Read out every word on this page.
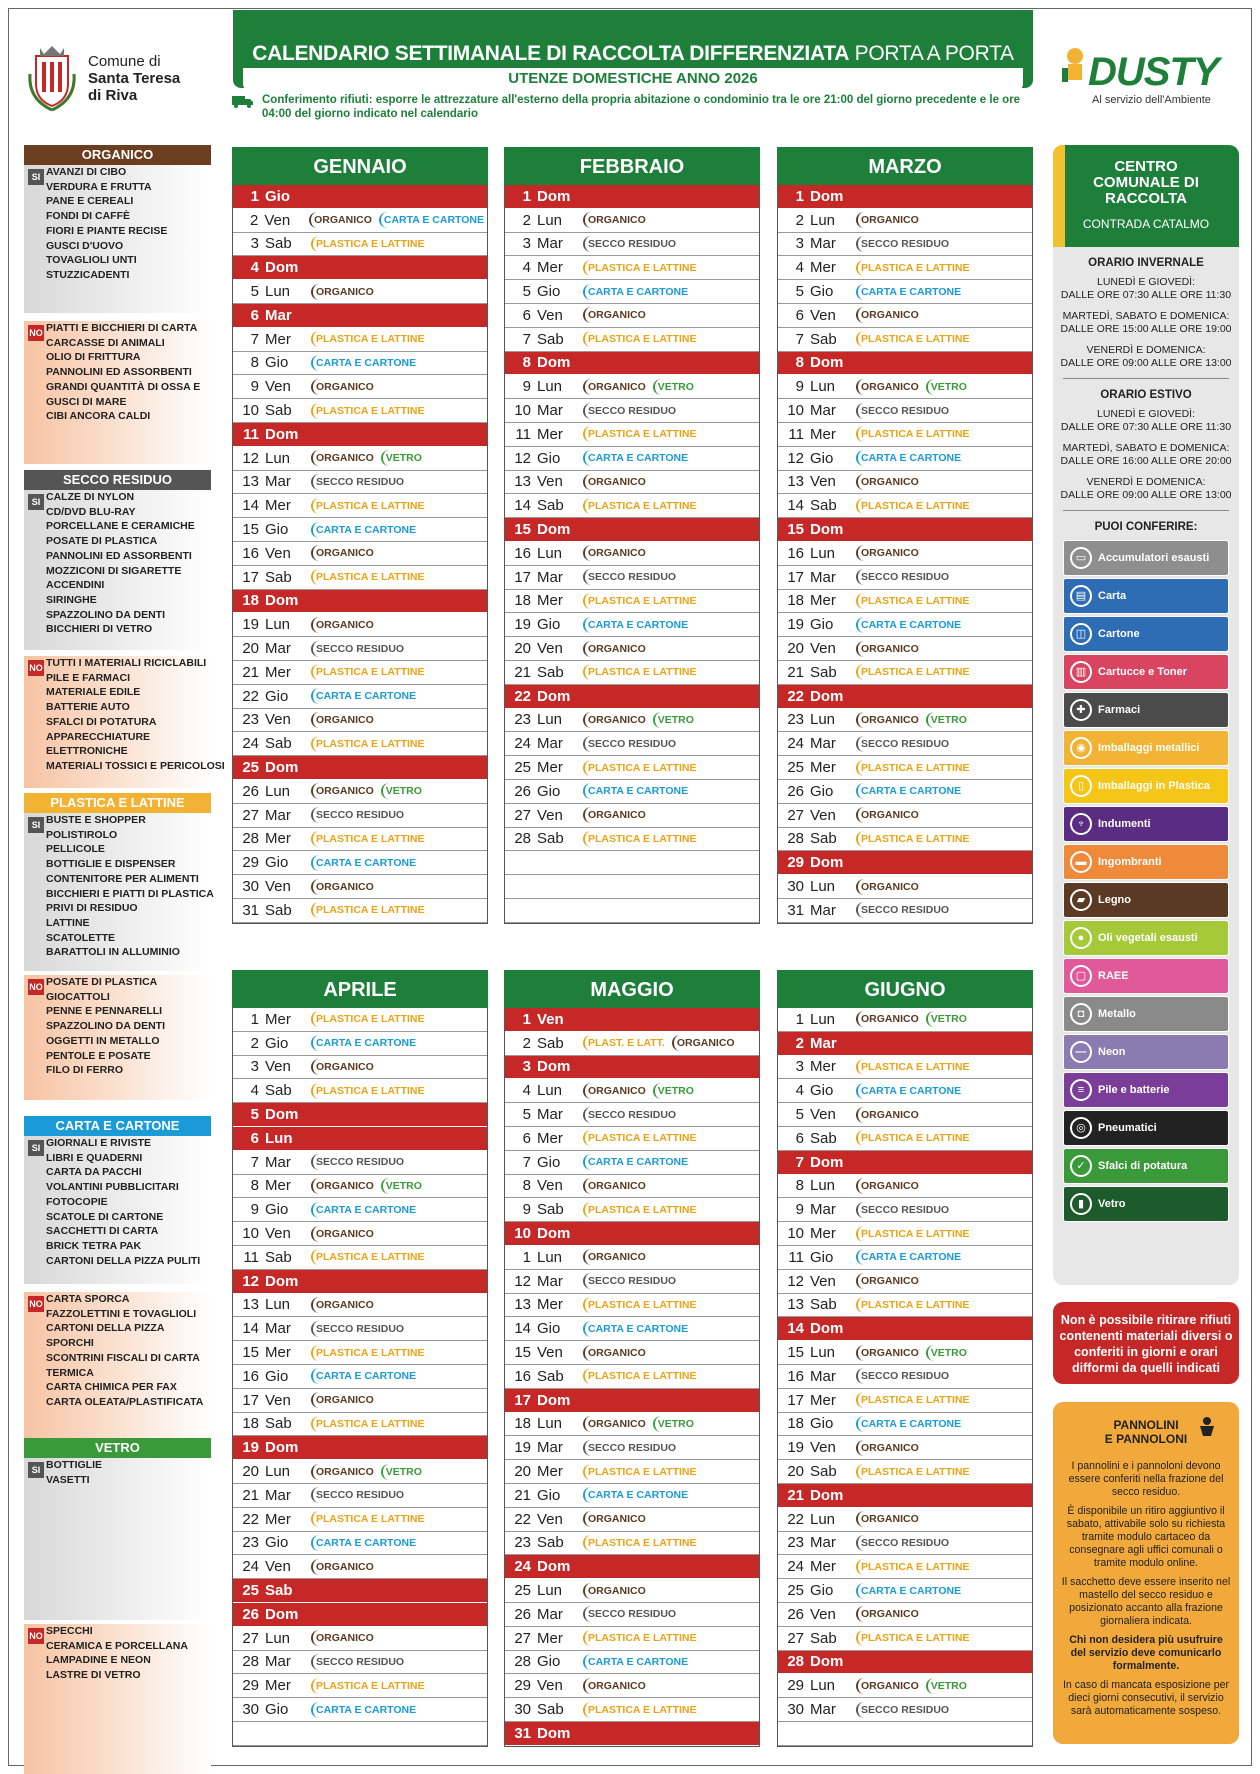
Comune di
Santa Teresa
di Riva
CALENDARIO SETTIMANALE DI RACCOLTA DIFFERENZIATA PORTA A PORTA
UTENZE DOMESTICHE ANNO 2026
Conferimento rifiuti: esporre le attrezzature all'esterno della propria abitazione o condominio tra le ore 21:00 del giorno precedente e le ore 04:00 del giorno indicato nel calendario
DUSTY
Al servizio dell'Ambiente
ORGANICO
SI AVANZI DI CIBO
VERDURA E FRUTTA
PANE E CEREALI
FONDI DI CAFFÈ
FIORI E PIANTE RECISE
GUSCI D'UOVO
TOVAGLIOLI UNTI
STUZZICADENTI
NO PIATTI E BICCHIERI DI CARTA
CARCASSE DI ANIMALI
OLIO DI FRITTURA
PANNOLINI ED ASSORBENTI
GRANDI QUANTITÀ DI OSSA E
GUSCI DI MARE
CIBI ANCORA CALDI
SECCO RESIDUO
SI CALZE DI NYLON
CD/DVD BLU-RAY
PORCELLANE E CERAMICHE
POSATE DI PLASTICA
PANNOLINI ED ASSORBENTI
MOZZICONI DI SIGARETTE
ACCENDINI
SIRINGHE
SPAZZOLINO DA DENTI
BICCHIERI DI VETRO
NO TUTTI I MATERIALI RICICLABILI
PILE E FARMACI
MATERIALE EDILE
BATTERIE AUTO
SFALCI DI POTATURA
APPARECCHIATURE
ELETTRONICHE
MATERIALI TOSSICI E PERICOLOSI
PLASTICA E LATTINE
SI BUSTE E SHOPPER
POLISTIROLO
PELLICOLE
BOTTIGLIE E DISPENSER
CONTENITORE PER ALIMENTI
BICCHIERI E PIATTI DI PLASTICA
PRIVI DI RESIDUO
LATTINE
SCATOLETTE
BARATTOLI IN ALLUMINIO
NO POSATE DI PLASTICA
GIOCATTOLI
PENNE E PENNARELLI
SPAZZOLINO DA DENTI
OGGETTI IN METALLO
PENTOLE E POSATE
FILO DI FERRO
CARTA E CARTONE
SI GIORNALI E RIVISTE
LIBRI E QUADERNI
CARTA DA PACCHI
VOLANTINI PUBBLICITARI
FOTOCOPIE
SCATOLE DI CARTONE
SACCHETTI DI CARTA
BRICK TETRA PAK
CARTONI DELLA PIZZA PULITI
NO CARTA SPORCA
FAZZOLETTINI E TOVAGLIOLI
CARTONI DELLA PIZZA
SPORCHI
SCONTRINI FISCALI DI CARTA
TERMICA
CARTA CHIMICA PER FAX
CARTA OLEATA/PLASTIFICATA
VETRO
SI BOTTIGLIE
VASETTI
NO SPECCHI
CERAMICA E PORCELLANA
LAMPADINE E NEON
LASTRE DI VETRO
GENNAIO
1 Gio
2 Ven	ORGANICO	CARTA E CARTONE
3 Sab	PLASTICA E LATTINE
4 Dom
5 Lun	ORGANICO
6 Mar
7 Mer	PLASTICA E LATTINE
8 Gio	CARTA E CARTONE
9 Ven	ORGANICO
10 Sab	PLASTICA E LATTINE
11 Dom
12 Lun	ORGANICO	VETRO
13 Mar	SECCO RESIDUO
14 Mer	PLASTICA E LATTINE
15 Gio	CARTA E CARTONE
16 Ven	ORGANICO
17 Sab	PLASTICA E LATTINE
18 Dom
19 Lun	ORGANICO
20 Mar	SECCO RESIDUO
21 Mer	PLASTICA E LATTINE
22 Gio	CARTA E CARTONE
23 Ven	ORGANICO
24 Sab	PLASTICA E LATTINE
25 Dom
26 Lun	ORGANICO	VETRO
27 Mar	SECCO RESIDUO
28 Mer	PLASTICA E LATTINE
29 Gio	CARTA E CARTONE
30 Ven	ORGANICO
31 Sab	PLASTICA E LATTINE
FEBBRAIO
1 Dom
2 Lun	ORGANICO
3 Mar	SECCO RESIDUO
4 Mer	PLASTICA E LATTINE
5 Gio	CARTA E CARTONE
6 Ven	ORGANICO
7 Sab	PLASTICA E LATTINE
8 Dom
9 Lun	ORGANICO	VETRO
10 Mar	SECCO RESIDUO
11 Mer	PLASTICA E LATTINE
12 Gio	CARTA E CARTONE
13 Ven	ORGANICO
14 Sab	PLASTICA E LATTINE
15 Dom
16 Lun	ORGANICO
17 Mar	SECCO RESIDUO
18 Mer	PLASTICA E LATTINE
19 Gio	CARTA E CARTONE
20 Ven	ORGANICO
21 Sab	PLASTICA E LATTINE
22 Dom
23 Lun	ORGANICO	VETRO
24 Mar	SECCO RESIDUO
25 Mer	PLASTICA E LATTINE
26 Gio	CARTA E CARTONE
27 Ven	ORGANICO
28 Sab	PLASTICA E LATTINE
MARZO
1 Dom
2 Lun	ORGANICO
3 Mar	SECCO RESIDUO
4 Mer	PLASTICA E LATTINE
5 Gio	CARTA E CARTONE
6 Ven	ORGANICO
7 Sab	PLASTICA E LATTINE
8 Dom
9 Lun	ORGANICO	VETRO
10 Mar	SECCO RESIDUO
11 Mer	PLASTICA E LATTINE
12 Gio	CARTA E CARTONE
13 Ven	ORGANICO
14 Sab	PLASTICA E LATTINE
15 Dom
16 Lun	ORGANICO
17 Mar	SECCO RESIDUO
18 Mer	PLASTICA E LATTINE
19 Gio	CARTA E CARTONE
20 Ven	ORGANICO
21 Sab	PLASTICA E LATTINE
22 Dom
23 Lun	ORGANICO	VETRO
24 Mar	SECCO RESIDUO
25 Mer	PLASTICA E LATTINE
26 Gio	CARTA E CARTONE
27 Ven	ORGANICO
28 Sab	PLASTICA E LATTINE
29 Dom
30 Lun	ORGANICO
31 Mar	SECCO RESIDUO
APRILE
1 Mer	PLASTICA E LATTINE
2 Gio	CARTA E CARTONE
3 Ven	ORGANICO
4 Sab	PLASTICA E LATTINE
5 Dom
6 Lun
7 Mar	SECCO RESIDUO
8 Mer	ORGANICO	VETRO
9 Gio	CARTA E CARTONE
10 Ven	ORGANICO
11 Sab	PLASTICA E LATTINE
12 Dom
13 Lun	ORGANICO
14 Mar	SECCO RESIDUO
15 Mer	PLASTICA E LATTINE
16 Gio	CARTA E CARTONE
17 Ven	ORGANICO
18 Sab	PLASTICA E LATTINE
19 Dom
20 Lun	ORGANICO	VETRO
21 Mar	SECCO RESIDUO
22 Mer	PLASTICA E LATTINE
23 Gio	CARTA E CARTONE
24 Ven	ORGANICO
25 Sab
26 Dom
27 Lun	ORGANICO
28 Mar	SECCO RESIDUO
29 Mer	PLASTICA E LATTINE
30 Gio	CARTA E CARTONE
MAGGIO
1 Ven
2 Sab	PLAST. E LATT.	ORGANICO
3 Dom
4 Lun	ORGANICO	VETRO
5 Mar	SECCO RESIDUO
6 Mer	PLASTICA E LATTINE
7 Gio	CARTA E CARTONE
8 Ven	ORGANICO
9 Sab	PLASTICA E LATTINE
10 Dom
1 Lun	ORGANICO
12 Mar	SECCO RESIDUO
13 Mer	PLASTICA E LATTINE
14 Gio	CARTA E CARTONE
15 Ven	ORGANICO
16 Sab	PLASTICA E LATTINE
17 Dom
18 Lun	ORGANICO	VETRO
19 Mar	SECCO RESIDUO
20 Mer	PLASTICA E LATTINE
21 Gio	CARTA E CARTONE
22 Ven	ORGANICO
23 Sab	PLASTICA E LATTINE
24 Dom
25 Lun	ORGANICO
26 Mar	SECCO RESIDUO
27 Mer	PLASTICA E LATTINE
28 Gio	CARTA E CARTONE
29 Ven	ORGANICO
30 Sab	PLASTICA E LATTINE
31 Dom
GIUGNO
1 Lun	ORGANICO	VETRO
2 Mar
3 Mer	PLASTICA E LATTINE
4 Gio	CARTA E CARTONE
5 Ven	ORGANICO
6 Sab	PLASTICA E LATTINE
7 Dom
8 Lun	ORGANICO
9 Mar	SECCO RESIDUO
10 Mer	PLASTICA E LATTINE
11 Gio	CARTA E CARTONE
12 Ven	ORGANICO
13 Sab	PLASTICA E LATTINE
14 Dom
15 Lun	ORGANICO	VETRO
16 Mar	SECCO RESIDUO
17 Mer	PLASTICA E LATTINE
18 Gio	CARTA E CARTONE
19 Ven	ORGANICO
20 Sab	PLASTICA E LATTINE
21 Dom
22 Lun	ORGANICO
23 Mar	SECCO RESIDUO
24 Mer	PLASTICA E LATTINE
25 Gio	CARTA E CARTONE
26 Ven	ORGANICO
27 Sab	PLASTICA E LATTINE
28 Dom
29 Lun	ORGANICO	VETRO
30 Mar	SECCO RESIDUO
CENTRO COMUNALE DI RACCOLTA
CONTRADA CATALMO
ORARIO INVERNALE

LUNEDÌ E GIOVEDÌ:
DALLE ORE 07:30 ALLE ORE 11:30

MARTEDÌ, SABATO E DOMENICA:
DALLE ORE 15:00 ALLE ORE 19:00

VENERDÌ E DOMENICA:
DALLE ORE 09:00 ALLE ORE 13:00

ORARIO ESTIVO

LUNEDÌ E GIOVEDÌ:
DALLE ORE 07:30 ALLE ORE 11:30

MARTEDÌ, SABATO E DOMENICA:
DALLE ORE 16:00 ALLE ORE 20:00

VENERDÌ E DOMENICA:
DALLE ORE 09:00 ALLE ORE 13:00

PUOI CONFERIRE:
▭	Accumulatori esausti
▤	Carta
◫	Cartone
▥	Cartucce e Toner
✚	Farmaci
◉	Imballaggi metallici
▯	Imballaggi in Plastica
♆	Indumenti
▬	Ingombranti
▰	Legno
●	Oli vegetali esausti
▢	RAEE
◘	Metallo
—	Neon
≡	Pile e batterie
◎	Pneumatici
✓	Sfalci di potatura
▮	Vetro
Non è possibile ritirare rifiuti contenenti materiali diversi o conferiti in giorni e orari difformi da quelli indicati
PANNOLINI
E PANNOLONI

I pannolini e i pannoloni devono essere conferiti nella frazione del secco residuo.

È disponibile un ritiro aggiuntivo il sabato, attivabile solo su richiesta tramite modulo cartaceo da consegnare agli uffici comunali o tramite modulo online.

Il sacchetto deve essere inserito nel mastello del secco residuo e posizionato accanto alla frazione giornaliera indicata.

Chi non desidera più usufruire del servizio deve comunicarlo formalmente.

In caso di mancata esposizione per dieci giorni consecutivi, il servizio sarà automaticamente sospeso.
